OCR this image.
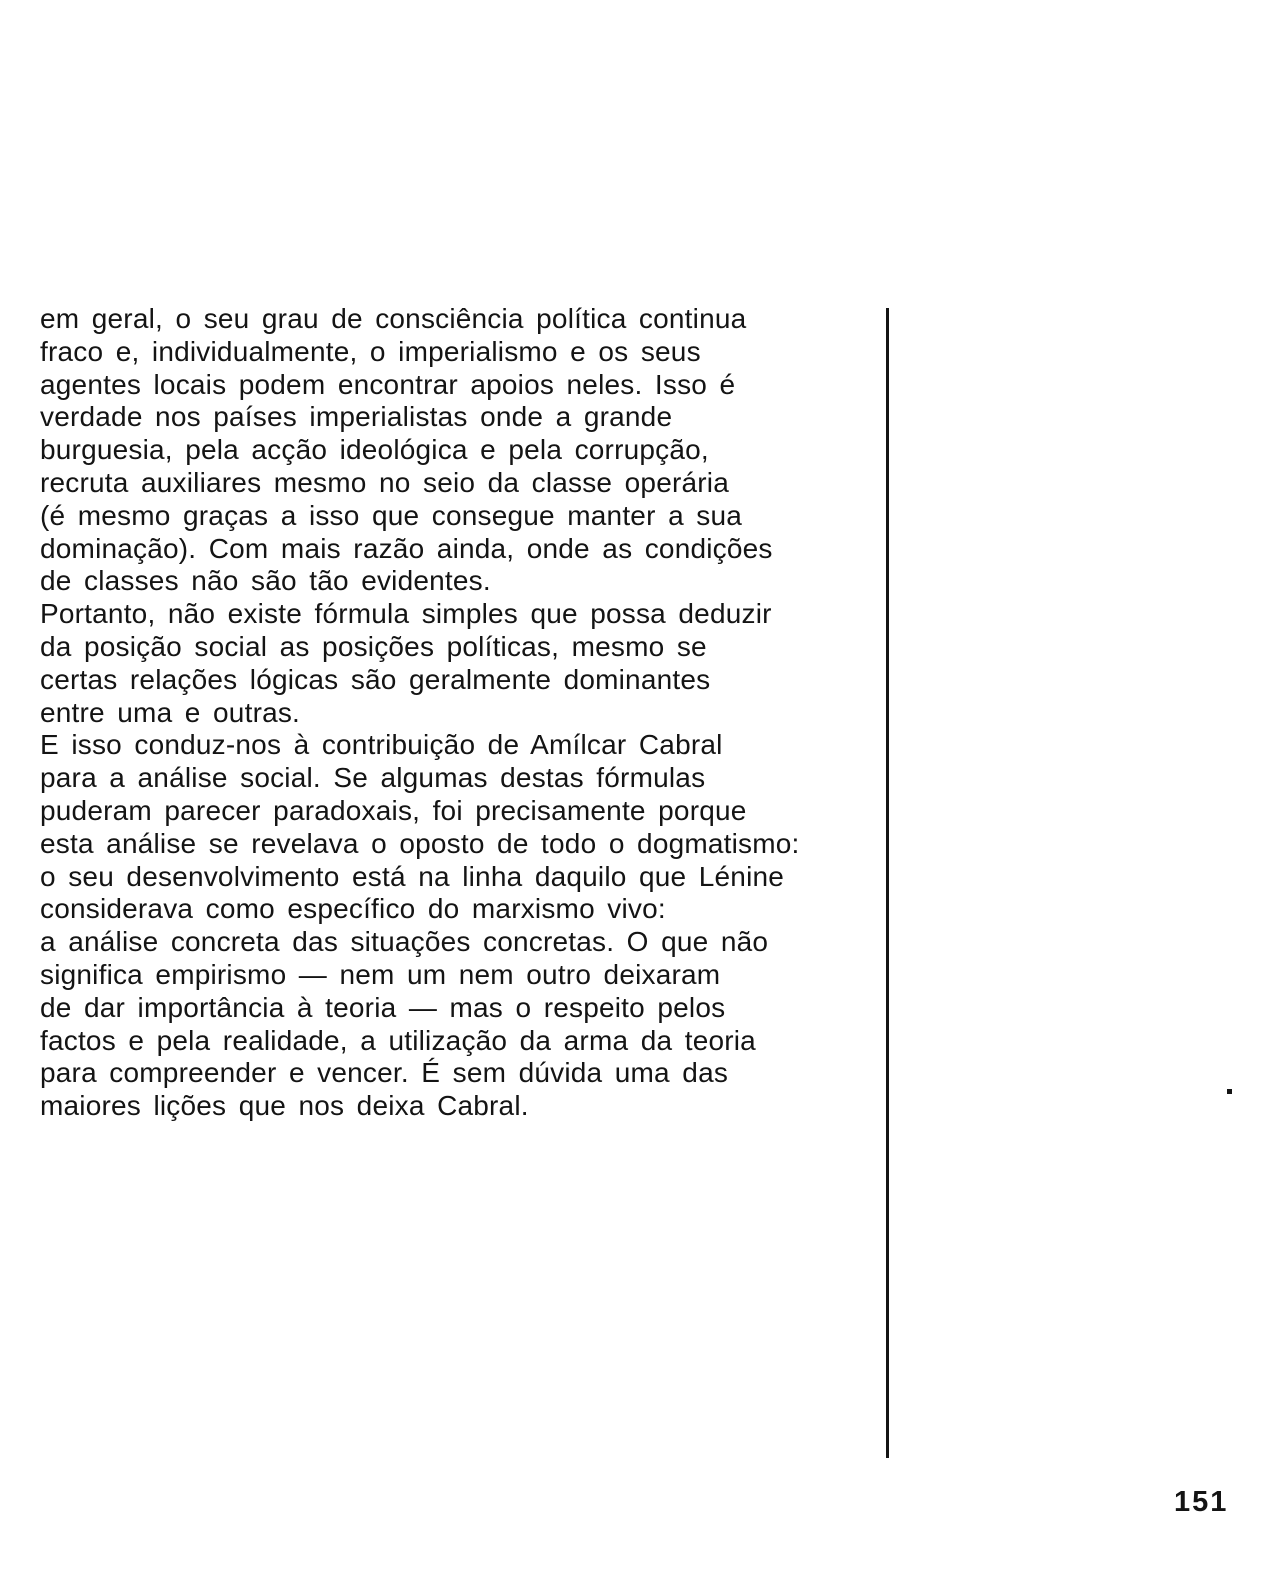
em geral, o seu grau de consciência política continua
fraco e, individualmente, o imperialismo e os seus
agentes locais podem encontrar apoios neles. Isso é
verdade nos países imperialistas onde a grande
burguesia, pela acção ideológica e pela corrupção,
recruta auxiliares mesmo no seio da classe operária
(é mesmo graças a isso que consegue manter a sua
dominação). Com mais razão ainda, onde as condições
de classes não são tão evidentes.
Portanto, não existe fórmula simples que possa deduzir
da posição social as posições políticas, mesmo se
certas relações lógicas são geralmente dominantes
entre uma e outras.
E isso conduz-nos à contribuição de Amílcar Cabral
para a análise social. Se algumas destas fórmulas
puderam parecer paradoxais, foi precisamente porque
esta análise se revelava o oposto de todo o dogmatismo:
o seu desenvolvimento está na linha daquilo que Lénine
considerava como específico do marxismo vivo:
a análise concreta das situações concretas. O que não
significa empirismo — nem um nem outro deixaram
de dar importância à teoria — mas o respeito pelos
factos e pela realidade, a utilização da arma da teoria
para compreender e vencer. É sem dúvida uma das
maiores lições que nos deixa Cabral.
151
